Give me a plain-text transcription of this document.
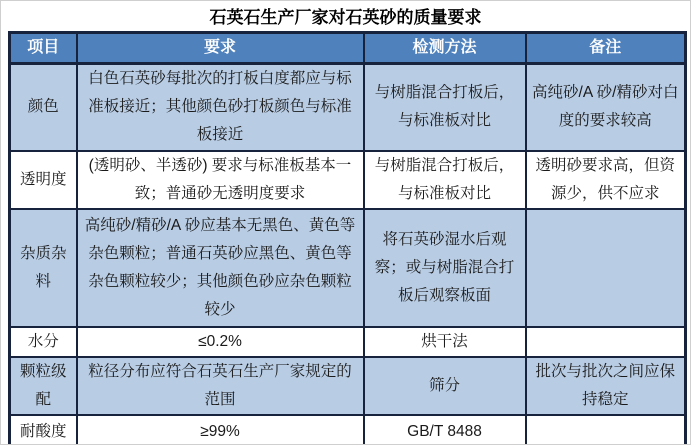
石英石生产厂家对石英砂的质量要求
项目	要求	检测方法	备注
颜色	白色石英砂每批次的打板白度都应与标准板接近；其他颜色砂打板颜色与标准板接近	与树脂混合打板后，与标准板对比	高纯砂/A 砂/精砂对白度的要求较高
透明度	(透明砂、半透砂) 要求与标准板基本一致；普通砂无透明度要求	与树脂混合打板后，与标准板对比	透明砂要求高，但资源少，供不应求
杂质杂料	高纯砂/精砂/A 砂应基本无黑色、黄色等杂色颗粒；普通石英砂应黑色、黄色等杂色颗粒较少；其他颜色砂应杂色颗粒较少	将石英砂湿水后观察；或与树脂混合打板后观察板面	
水分	≤0.2%	烘干法	
颗粒级配	粒径分布应符合石英石生产厂家规定的范围	筛分	批次与批次之间应保持稳定
耐酸度	≥99%	GB/T 8488	
